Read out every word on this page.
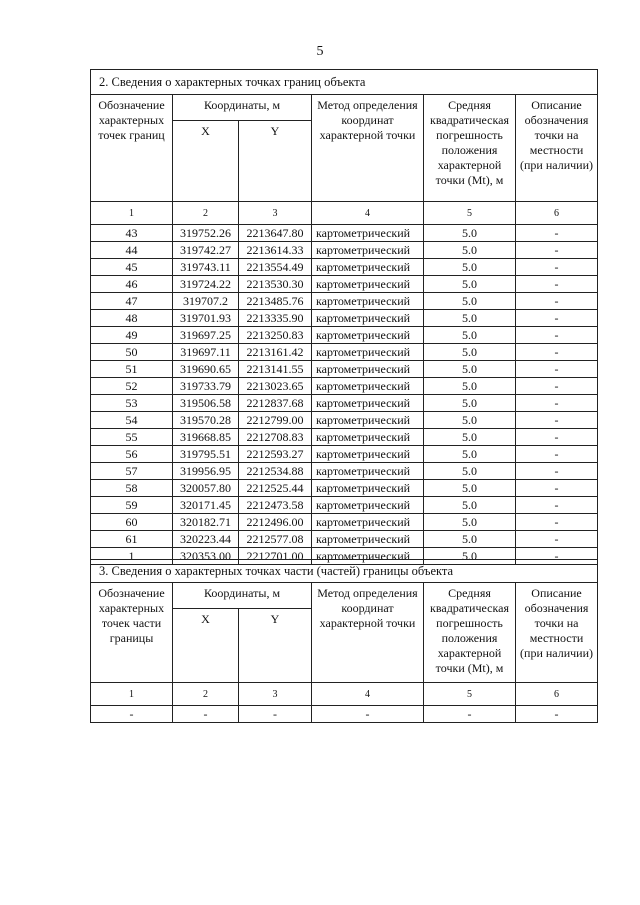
5
2. Сведения о характерных точках границ объекта					
Обозначение характерных точек границ	Координаты, м		Метод определения координат характерной точки	Средняя квадратическая погрешность положения характерной точки (Mt), м	Описание обозначения точки на местности (при наличии)
	X	Y			
1	2	3	4	5	6
43	319752.26	2213647.80	картометрический	5.0	-
44	319742.27	2213614.33	картометрический	5.0	-
45	319743.11	2213554.49	картометрический	5.0	-
46	319724.22	2213530.30	картометрический	5.0	-
47	319707.2	2213485.76	картометрический	5.0	-
48	319701.93	2213335.90	картометрический	5.0	-
49	319697.25	2213250.83	картометрический	5.0	-
50	319697.11	2213161.42	картометрический	5.0	-
51	319690.65	2213141.55	картометрический	5.0	-
52	319733.79	2213023.65	картометрический	5.0	-
53	319506.58	2212837.68	картометрический	5.0	-
54	319570.28	2212799.00	картометрический	5.0	-
55	319668.85	2212708.83	картометрический	5.0	-
56	319795.51	2212593.27	картометрический	5.0	-
57	319956.95	2212534.88	картометрический	5.0	-
58	320057.80	2212525.44	картометрический	5.0	-
59	320171.45	2212473.58	картометрический	5.0	-
60	320182.71	2212496.00	картометрический	5.0	-
61	320223.44	2212577.08	картометрический	5.0	-
1	320353.00	2212701.00	картометрический	5.0	-
3. Сведения о характерных точках части (частей) границы объекта					
Обозначение характерных точек части границы	Координаты, м		Метод определения координат характерной точки	Средняя квадратическая погрешность положения характерной точки (Mt), м	Описание обозначения точки на местности (при наличии)
	X	Y			
1	2	3	4	5	6
-	-	-	-	-	-
